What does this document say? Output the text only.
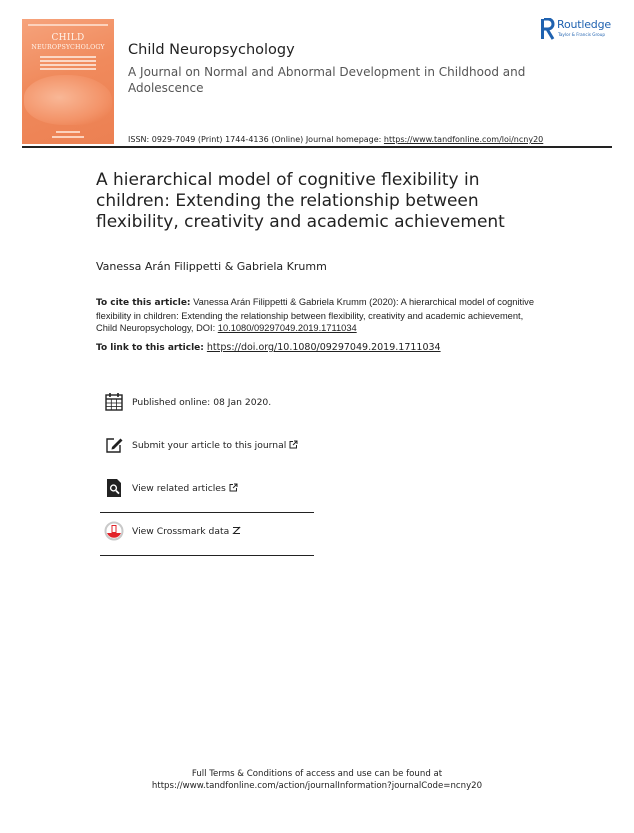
CHILD
NEUROPSYCHOLOGY	Child Neuropsychology
A Journal on Normal and Abnormal Development in Childhood and Adolescence
ISSN: 0929-7049 (Print) 1744-4136 (Online) Journal homepage: https://www.tandfonline.com/loi/ncny20
Routledge
Taylor & Francis Group
A hierarchical model of cognitive flexibility in children: Extending the relationship between flexibility, creativity and academic achievement
Vanessa Arán Filippetti & Gabriela Krumm
To cite this article: Vanessa Arán Filippetti & Gabriela Krumm (2020): A hierarchical model of cognitive flexibility in children: Extending the relationship between flexibility, creativity and academic achievement, Child Neuropsychology, DOI: 10.1080/09297049.2019.1711034
To link to this article: https://doi.org/10.1080/09297049.2019.1711034
Published online: 08 Jan 2020.
Submit your article to this journal
View related articles
View Crossmark data
Full Terms & Conditions of access and use can be found at
https://www.tandfonline.com/action/journalInformation?journalCode=ncny20
